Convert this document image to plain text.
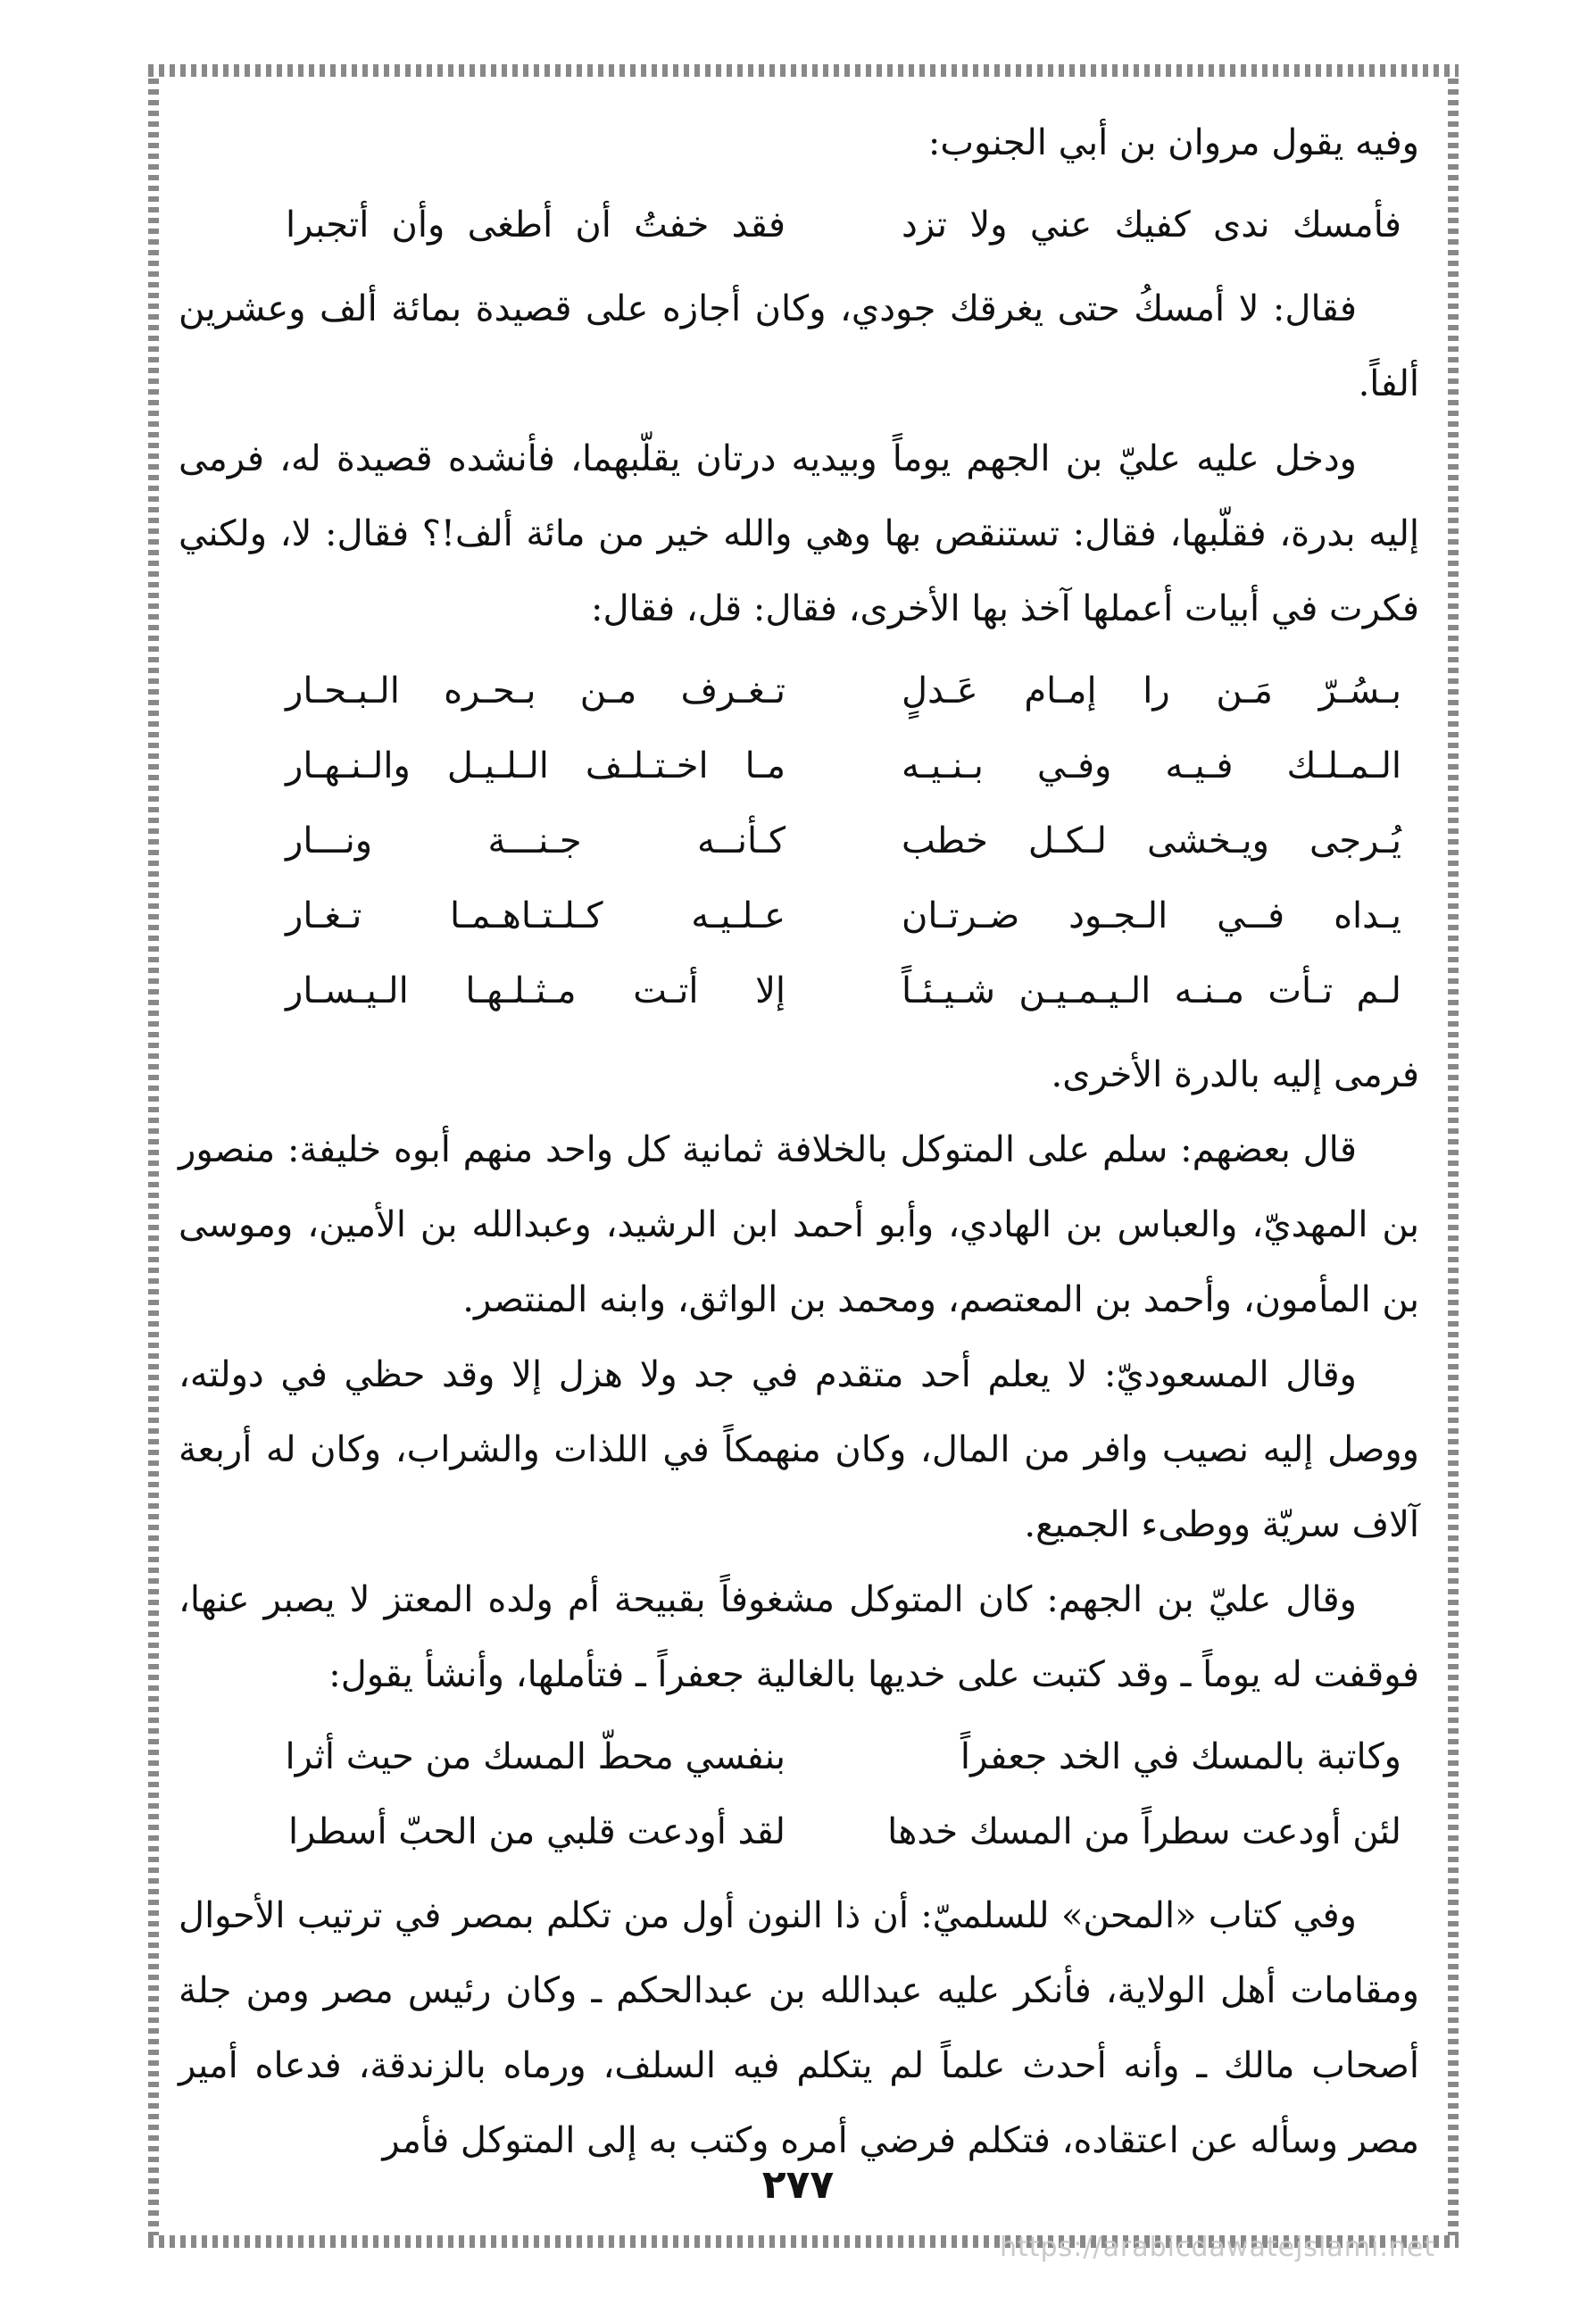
وفيه يقول مروان بن أبي الجنوب:

فأمسك ندى كفيك عني ولا تزد
فقد خفتُ أن أطغى وأن أتجبرا

فقال: لا أمسكُ حتى يغرقك جودي، وكان أجازه على قصيدة بمائة ألف وعشرين ألفاً.

ودخل عليه عليّ بن الجهم يوماً وبيديه درتان يقلّبهما، فأنشده قصيدة له، فرمى إليه بدرة، فقلّبها، فقال: تستنقص بها وهي والله خير من مائة ألف!؟ فقال: لا، ولكني فكرت في أبيات أعملها آخذ بها الأخرى، فقال: قل، فقال:

بـسُـرّ مَـن را إمـام عَـدلٍ
تـغـرف مـن بـحـره الـبـحـار
الـمـلـك فـيـه وفـي بـنـيـه
مـا اخـتـلـف الـلـيـل والـنـهـار
يُـرجى ويـخشى لـكـل خطب
كـأنــه جـنـــة ونـــار
يـداه فــي الـجـود ضـرتـان
عـلـيـه كـلـتـاهـمـا تـغـار
لـم تـأت مـنـه الـيـمـيـن شـيـئـاً
إلا أتـت مـثـلـهـا الـيـسـار

فرمى إليه بالدرة الأخرى.

قال بعضهم: سلم على المتوكل بالخلافة ثمانية كل واحد منهم أبوه خليفة: منصور بن المهديّ، والعباس بن الهادي، وأبو أحمد ابن الرشيد، وعبدالله بن الأمين، وموسى بن المأمون، وأحمد بن المعتصم، ومحمد بن الواثق، وابنه المنتصر.

وقال المسعوديّ: لا يعلم أحد متقدم في جد ولا هزل إلا وقد حظي في دولته، ووصل إليه نصيب وافر من المال، وكان منهمكاً في اللذات والشراب، وكان له أربعة آلاف سريّة ووطىء الجميع.

وقال عليّ بن الجهم: كان المتوكل مشغوفاً بقبيحة أم ولده المعتز لا يصبر عنها، فوقفت له يوماً ـ وقد كتبت على خديها بالغالية جعفراً ـ فتأملها، وأنشأ يقول:

وكاتبة بالمسك في الخد جعفراً
بنفسي محطّ المسك من حيث أثرا
لئن أودعت سطراً من المسك خدها
لقد أودعت قلبي من الحبّ أسطرا

وفي كتاب «المحن» للسلميّ: أن ذا النون أول من تكلم بمصر في ترتيب الأحوال ومقامات أهل الولاية، فأنكر عليه عبدالله بن عبدالحكم ـ وكان رئيس مصر ومن جلة أصحاب مالك ـ وأنه أحدث علماً لم يتكلم فيه السلف، ورماه بالزندقة، فدعاه أمير مصر وسأله عن اعتقاده، فتكلم فرضي أمره وكتب به إلى المتوكل فأمر

٢٧٧
https://arabicdawatejslami.net
